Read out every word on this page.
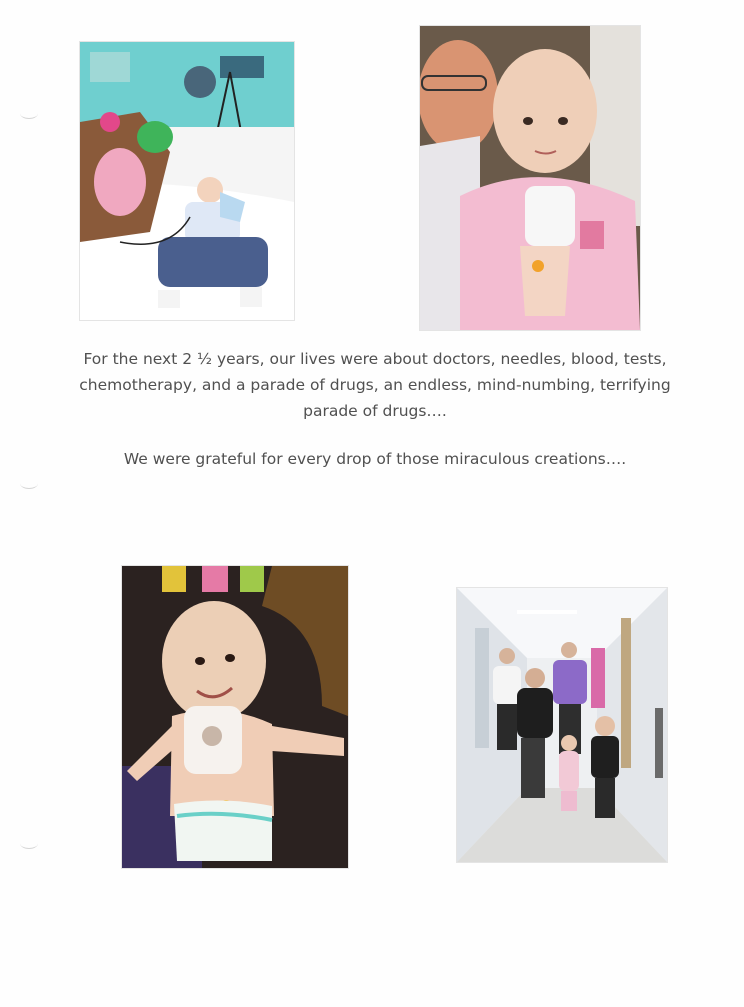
For the next 2 ½ years, our lives were about doctors, needles, blood, tests, chemotherapy, and a parade of drugs, an endless, mind-numbing, terrifying parade of drugs….

We were grateful for every drop of those miraculous creations….
